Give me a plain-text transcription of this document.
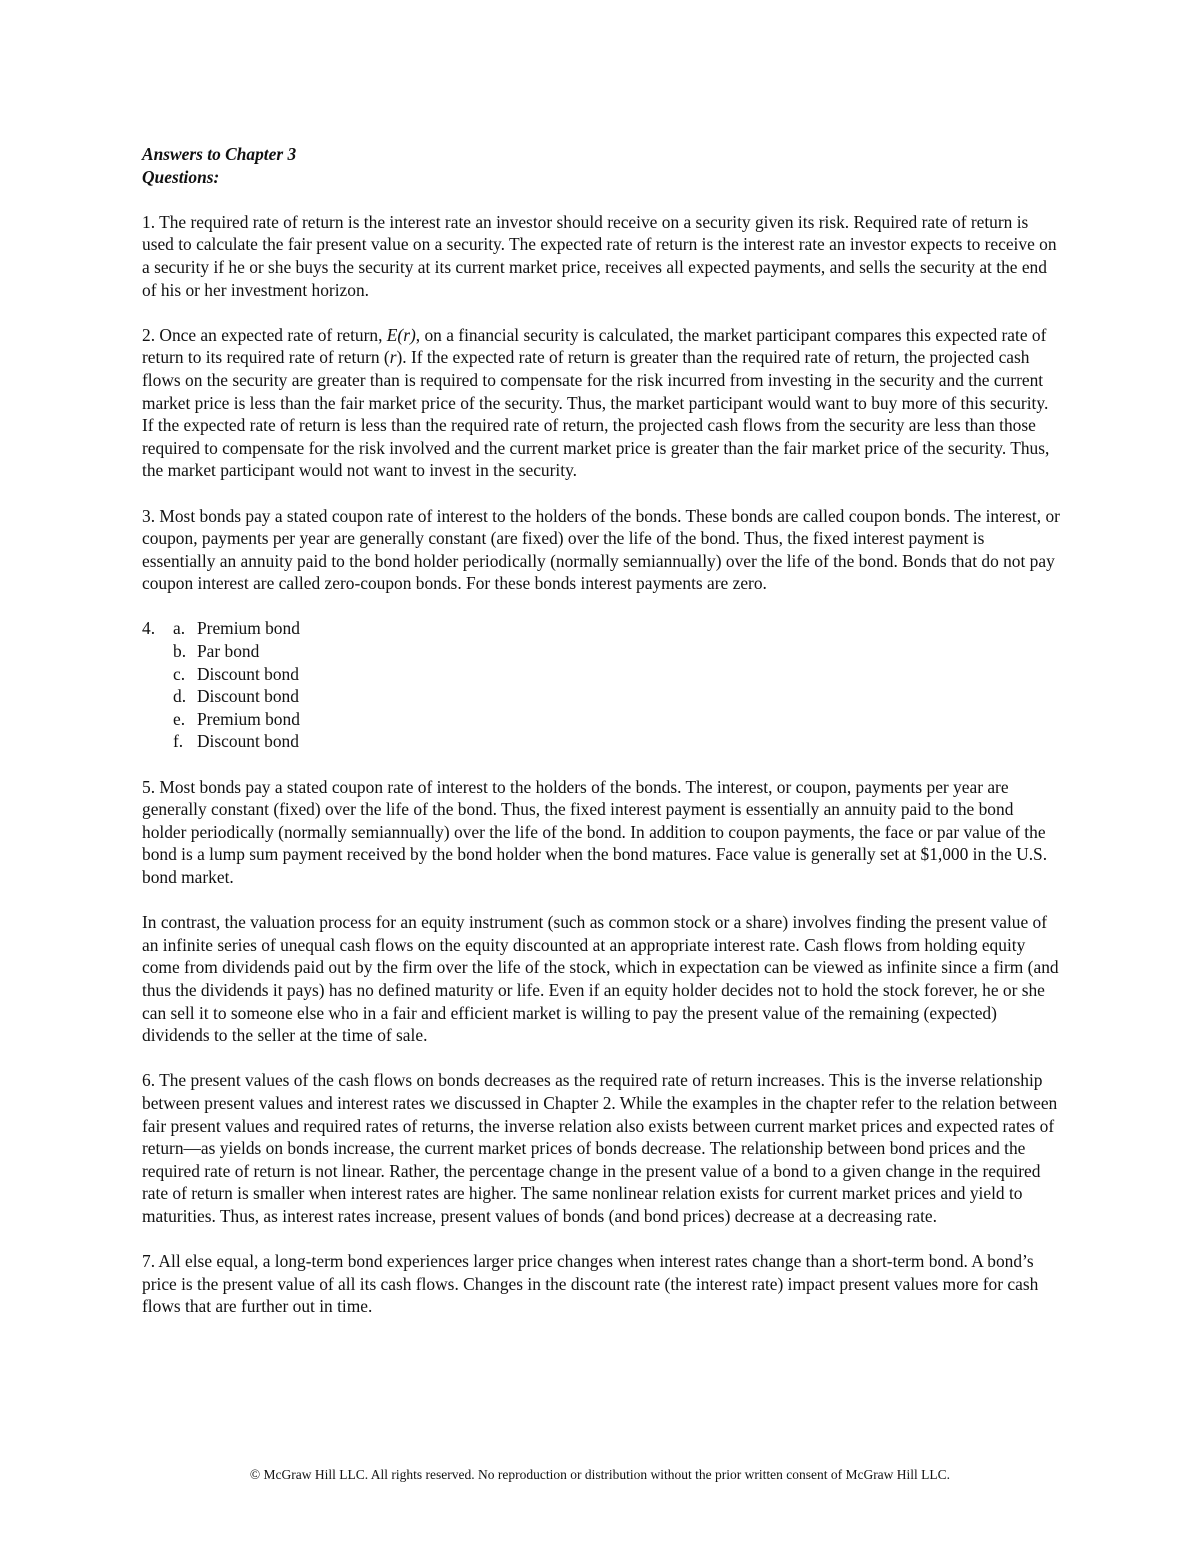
Answers to Chapter 3
Questions:

1. The required rate of return is the interest rate an investor should receive on a security given its risk. Required rate of return is used to calculate the fair present value on a security. The expected rate of return is the interest rate an investor expects to receive on a security if he or she buys the security at its current market price, receives all expected payments, and sells the security at the end of his or her investment horizon.

2. Once an expected rate of return, E(r), on a financial security is calculated, the market participant compares this expected rate of return to its required rate of return (r). If the expected rate of return is greater than the required rate of return, the projected cash flows on the security are greater than is required to compensate for the risk incurred from investing in the security and the current market price is less than the fair market price of the security. Thus, the market participant would want to buy more of this security. If the expected rate of return is less than the required rate of return, the projected cash flows from the security are less than those required to compensate for the risk involved and the current market price is greater than the fair market price of the security. Thus, the market participant would not want to invest in the security.

3. Most bonds pay a stated coupon rate of interest to the holders of the bonds. These bonds are called coupon bonds. The interest, or coupon, payments per year are generally constant (are fixed) over the life of the bond. Thus, the fixed interest payment is essentially an annuity paid to the bond holder periodically (normally semiannually) over the life of the bond. Bonds that do not pay coupon interest are called zero-coupon bonds. For these bonds interest payments are zero.

4.	a. Premium bond
b. Par bond
c. Discount bond
d. Discount bond
e. Premium bond
f. Discount bond

5. Most bonds pay a stated coupon rate of interest to the holders of the bonds. The interest, or coupon, payments per year are generally constant (fixed) over the life of the bond. Thus, the fixed interest payment is essentially an annuity paid to the bond holder periodically (normally semiannually) over the life of the bond. In addition to coupon payments, the face or par value of the bond is a lump sum payment received by the bond holder when the bond matures. Face value is generally set at $1,000 in the U.S. bond market.

In contrast, the valuation process for an equity instrument (such as common stock or a share) involves finding the present value of an infinite series of unequal cash flows on the equity discounted at an appropriate interest rate. Cash flows from holding equity come from dividends paid out by the firm over the life of the stock, which in expectation can be viewed as infinite since a firm (and thus the dividends it pays) has no defined maturity or life. Even if an equity holder decides not to hold the stock forever, he or she can sell it to someone else who in a fair and efficient market is willing to pay the present value of the remaining (expected) dividends to the seller at the time of sale.

6. The present values of the cash flows on bonds decreases as the required rate of return increases. This is the inverse relationship between present values and interest rates we discussed in Chapter 2. While the examples in the chapter refer to the relation between fair present values and required rates of returns, the inverse relation also exists between current market prices and expected rates of return—as yields on bonds increase, the current market prices of bonds decrease. The relationship between bond prices and the required rate of return is not linear. Rather, the percentage change in the present value of a bond to a given change in the required rate of return is smaller when interest rates are higher. The same nonlinear relation exists for current market prices and yield to maturities. Thus, as interest rates increase, present values of bonds (and bond prices) decrease at a decreasing rate.

7. All else equal, a long-term bond experiences larger price changes when interest rates change than a short-term bond. A bond’s price is the present value of all its cash flows. Changes in the discount rate (the interest rate) impact present values more for cash flows that are further out in time.

© McGraw Hill LLC. All rights reserved. No reproduction or distribution without the prior written consent of McGraw Hill LLC.
